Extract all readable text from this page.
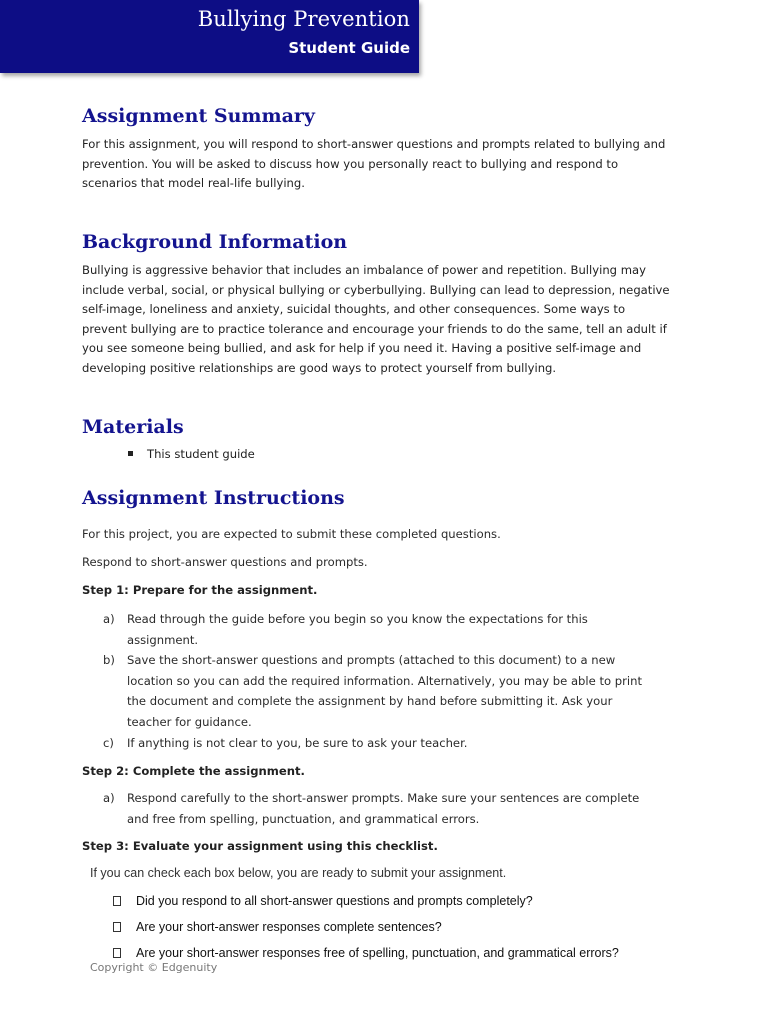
Bullying Prevention
Student Guide
Assignment Summary

For this assignment, you will respond to short-answer questions and prompts related to bullying and
prevention. You will be asked to discuss how you personally react to bullying and respond to
scenarios that model real-life bullying.

Background Information

Bullying is aggressive behavior that includes an imbalance of power and repetition. Bullying may
include verbal, social, or physical bullying or cyberbullying. Bullying can lead to depression, negative
self-image, loneliness and anxiety, suicidal thoughts, and other consequences. Some ways to
prevent bullying are to practice tolerance and encourage your friends to do the same, tell an adult if
you see someone being bullied, and ask for help if you need it. Having a positive self-image and
developing positive relationships are good ways to protect yourself from bullying.

Materials
This student guide
Assignment Instructions

For this project, you are expected to submit these completed questions.

Respond to short-answer questions and prompts.

Step 1: Prepare for the assignment.

a) Read through the guide before you begin so you know the expectations for this
assignment.
b) Save the short-answer questions and prompts (attached to this document) to a new
location so you can add the required information. Alternatively, you may be able to print
the document and complete the assignment by hand before submitting it. Ask your
teacher for guidance.
c) If anything is not clear to you, be sure to ask your teacher.

Step 2: Complete the assignment.

a) Respond carefully to the short-answer prompts. Make sure your sentences are complete
and free from spelling, punctuation, and grammatical errors.

Step 3: Evaluate your assignment using this checklist.

If you can check each box below, you are ready to submit your assignment.
Did you respond to all short-answer questions and prompts completely?
Are your short-answer responses complete sentences?
Are your short-answer responses free of spelling, punctuation, and grammatical errors?
Copyright © Edgenuity
